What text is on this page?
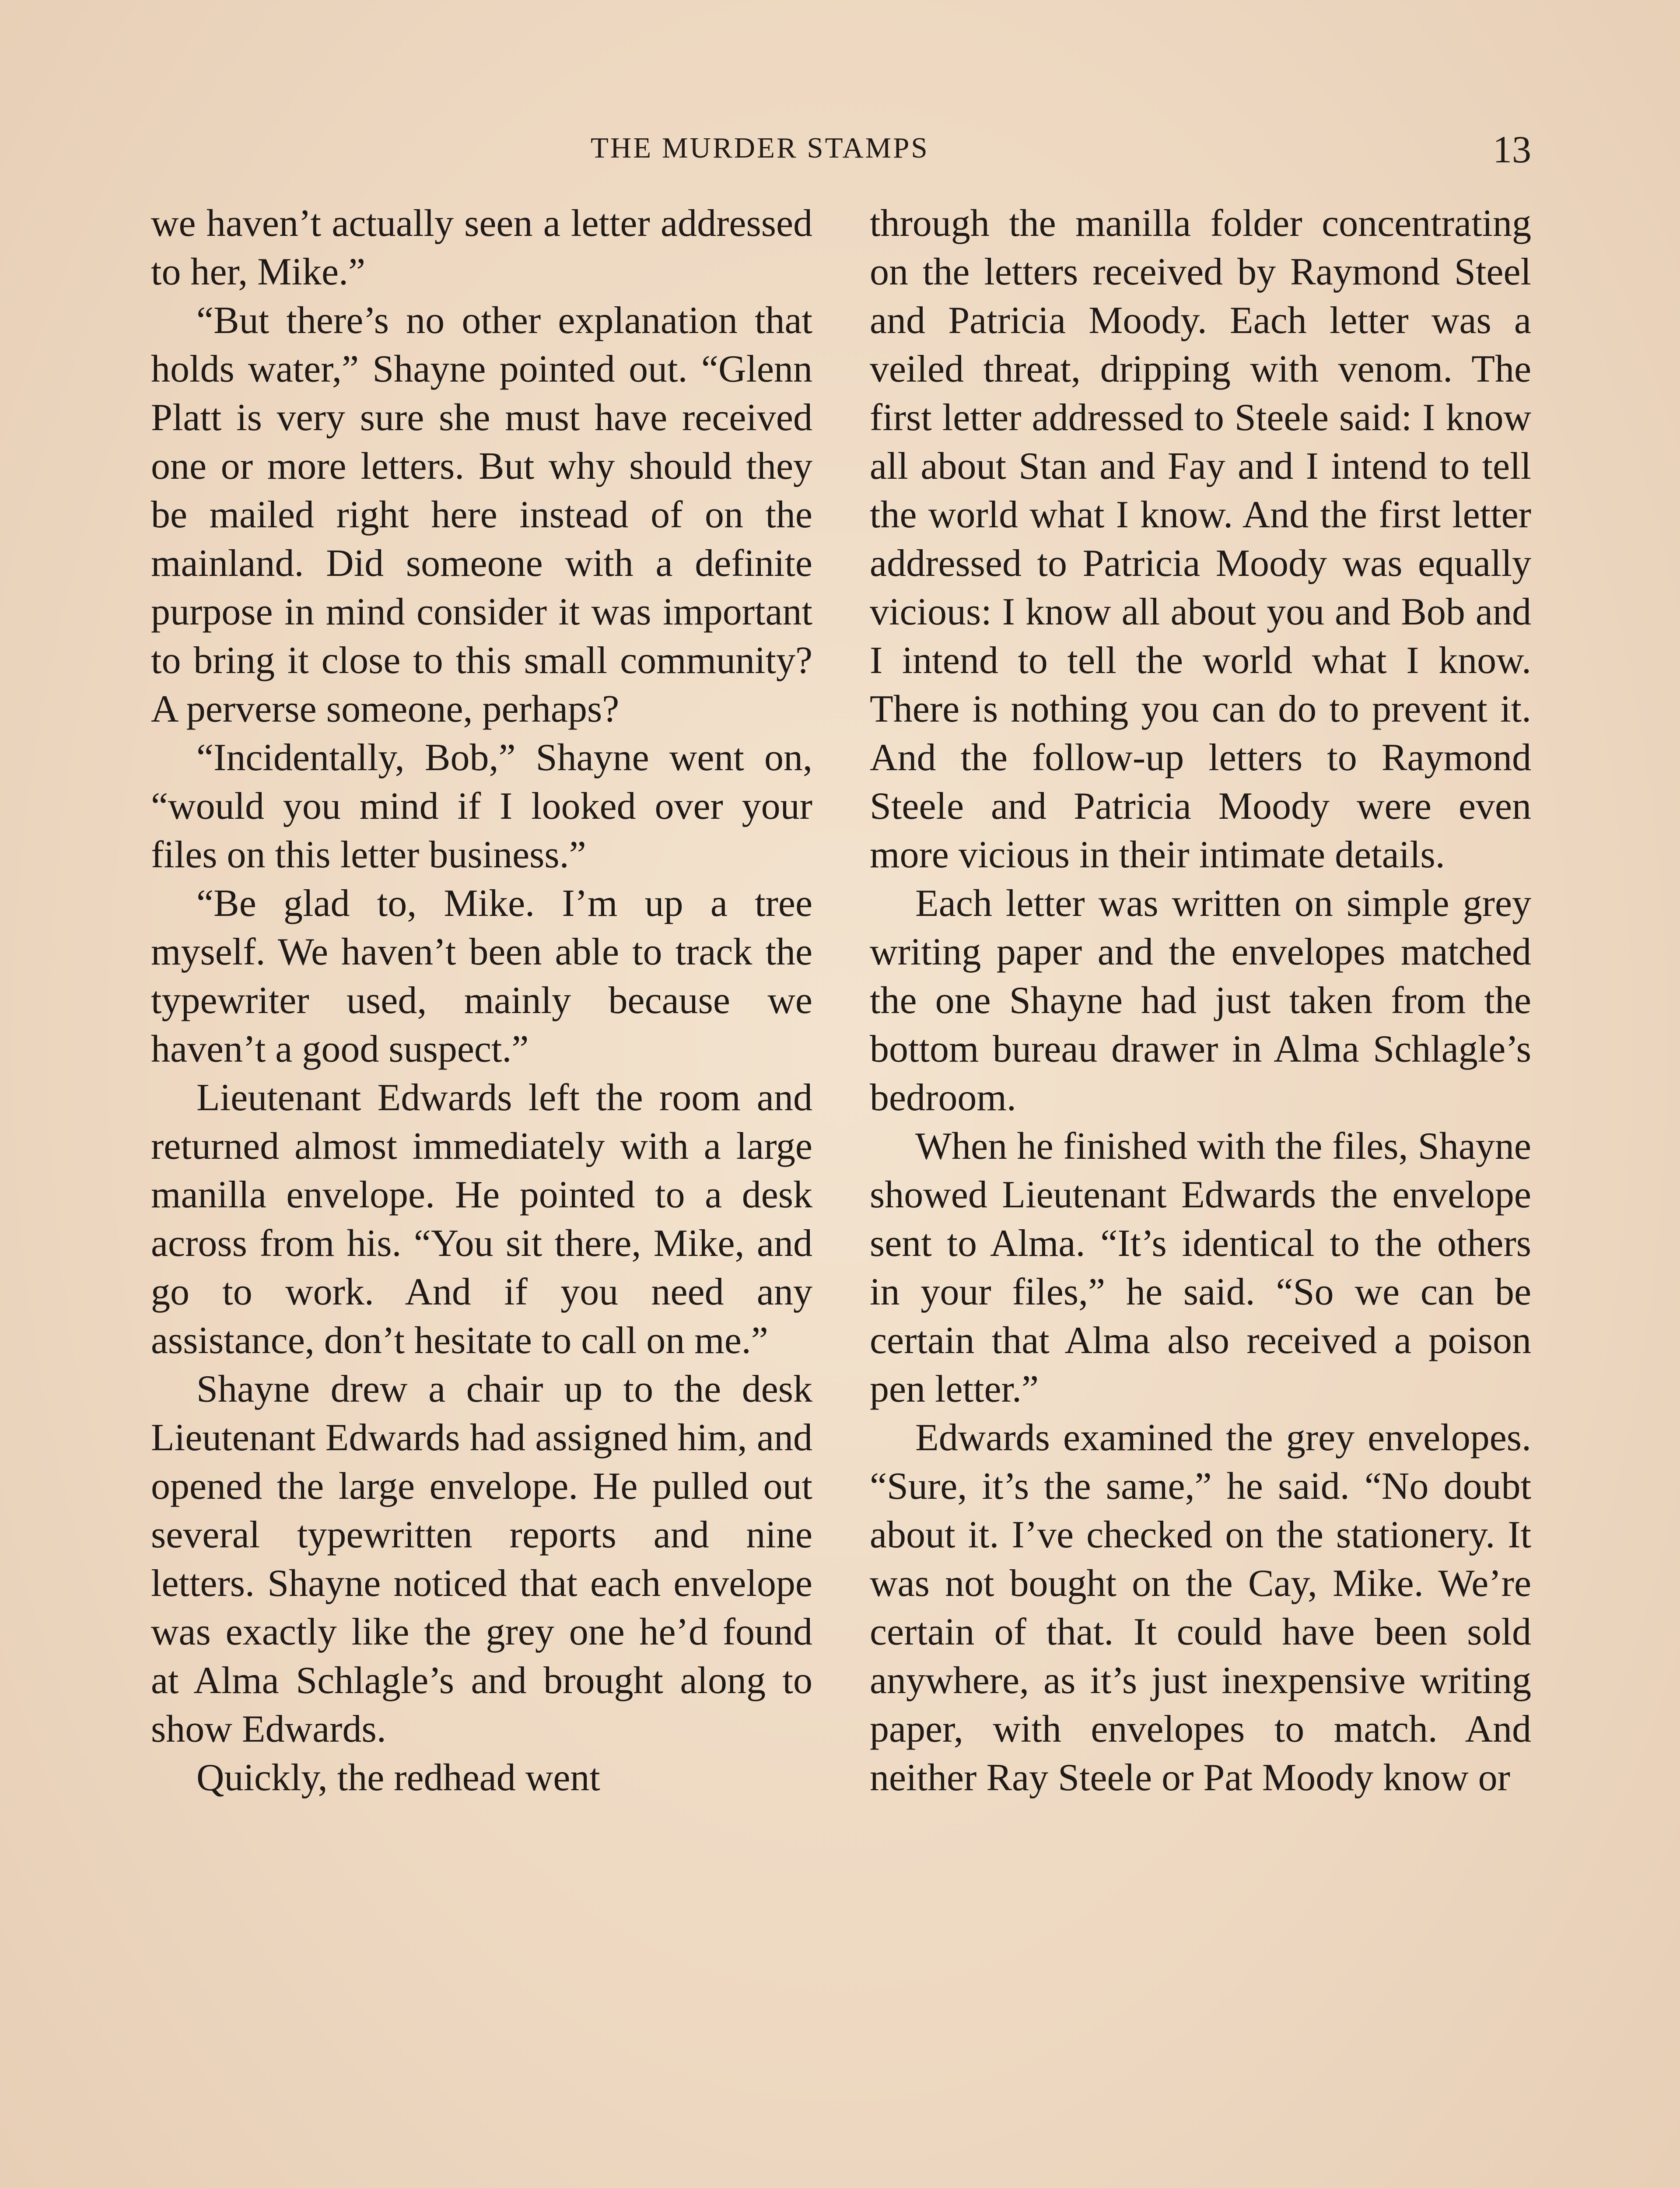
THE MURDER STAMPS	13

we haven’t actually seen a letter addressed to her, Mike.”

“But there’s no other explanation that holds water,” Shayne pointed out. “Glenn Platt is very sure she must have received one or more letters. But why should they be mailed right here instead of on the mainland. Did someone with a definite purpose in mind consider it was important to bring it close to this small community? A perverse someone, perhaps?

“Incidentally, Bob,” Shayne went on, “would you mind if I looked over your files on this letter business.”

“Be glad to, Mike. I’m up a tree myself. We haven’t been able to track the typewriter used, mainly because we haven’t a good suspect.”

Lieutenant Edwards left the room and returned almost immediately with a large manilla envelope. He pointed to a desk across from his. “You sit there, Mike, and go to work. And if you need any assistance, don’t hesitate to call on me.”

Shayne drew a chair up to the desk Lieutenant Edwards had assigned him, and opened the large envelope. He pulled out several typewritten reports and nine letters. Shayne noticed that each envelope was exactly like the grey one he’d found at Alma Schlagle’s and brought along to show Edwards.

Quickly, the redhead went

through the manilla folder concentrating on the letters received by Raymond Steel and Patricia Moody. Each letter was a veiled threat, dripping with venom. The first letter addressed to Steele said: I know all about Stan and Fay and I intend to tell the world what I know. And the first letter addressed to Patricia Moody was equally vicious: I know all about you and Bob and I intend to tell the world what I know. There is nothing you can do to prevent it. And the follow-up letters to Raymond Steele and Patricia Moody were even more vicious in their intimate details.

Each letter was written on simple grey writing paper and the envelopes matched the one Shayne had just taken from the bottom bureau drawer in Alma Schlagle’s bedroom.

When he finished with the files, Shayne showed Lieutenant Edwards the envelope sent to Alma. “It’s identical to the others in your files,” he said. “So we can be certain that Alma also received a poison pen letter.”

Edwards examined the grey envelopes. “Sure, it’s the same,” he said. “No doubt about it. I’ve checked on the stationery. It was not bought on the Cay, Mike. We’re certain of that. It could have been sold anywhere, as it’s just inexpensive writing paper, with envelopes to match. And neither Ray Steele or Pat Moody know or
